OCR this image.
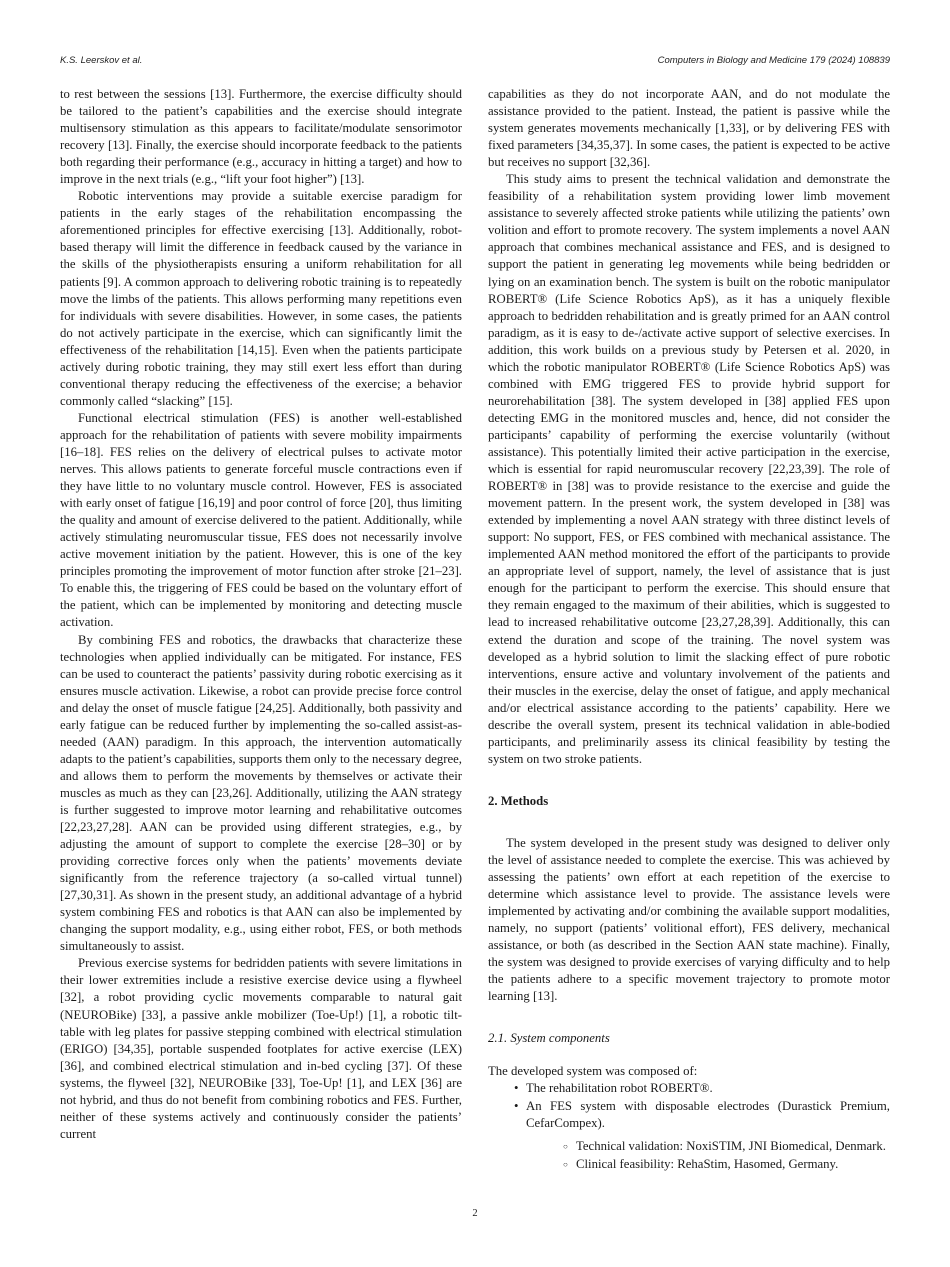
K.S. Leerskov et al.	Computers in Biology and Medicine 179 (2024) 108839

to rest between the sessions [13]. Furthermore, the exercise difficulty should be tailored to the patient’s capabilities and the exercise should integrate multisensory stimulation as this appears to facilitate/modulate sensorimotor recovery [13]. Finally, the exercise should incorporate feedback to the patients both regarding their performance (e.g., accuracy in hitting a target) and how to improve in the next trials (e.g., “lift your foot higher”) [13].

Robotic interventions may provide a suitable exercise paradigm for patients in the early stages of the rehabilitation encompassing the aforementioned principles for effective exercising [13]. Additionally, robot-based therapy will limit the difference in feedback caused by the variance in the skills of the physiotherapists ensuring a uniform rehabilitation for all patients [9]. A common approach to delivering robotic training is to repeatedly move the limbs of the patients. This allows performing many repetitions even for individuals with severe disabilities. However, in some cases, the patients do not actively participate in the exercise, which can significantly limit the effectiveness of the rehabilitation [14,15]. Even when the patients participate actively during robotic training, they may still exert less effort than during conventional therapy reducing the effectiveness of the exercise; a behavior commonly called “slacking” [15].

Functional electrical stimulation (FES) is another well-established approach for the rehabilitation of patients with severe mobility impairments [16–18]. FES relies on the delivery of electrical pulses to activate motor nerves. This allows patients to generate forceful muscle contractions even if they have little to no voluntary muscle control. However, FES is associated with early onset of fatigue [16,19] and poor control of force [20], thus limiting the quality and amount of exercise delivered to the patient. Additionally, while actively stimulating neuromuscular tissue, FES does not necessarily involve active movement initiation by the patient. However, this is one of the key principles promoting the improvement of motor function after stroke [21–23]. To enable this, the triggering of FES could be based on the voluntary effort of the patient, which can be implemented by monitoring and detecting muscle activation.

By combining FES and robotics, the drawbacks that characterize these technologies when applied individually can be mitigated. For instance, FES can be used to counteract the patients’ passivity during robotic exercising as it ensures muscle activation. Likewise, a robot can provide precise force control and delay the onset of muscle fatigue [24,25]. Additionally, both passivity and early fatigue can be reduced further by implementing the so-called assist-as-needed (AAN) paradigm. In this approach, the intervention automatically adapts to the patient’s capabilities, supports them only to the necessary degree, and allows them to perform the movements by themselves or activate their muscles as much as they can [23,26]. Additionally, utilizing the AAN strategy is further suggested to improve motor learning and rehabilitative outcomes [22,23,27,28]. AAN can be provided using different strategies, e.g., by adjusting the amount of support to complete the exercise [28–30] or by providing corrective forces only when the patients’ movements deviate significantly from the reference trajectory (a so-called virtual tunnel) [27,30,31]. As shown in the present study, an additional advantage of a hybrid system combining FES and robotics is that AAN can also be implemented by changing the support modality, e.g., using either robot, FES, or both methods simultaneously to assist.

Previous exercise systems for bedridden patients with severe limitations in their lower extremities include a resistive exercise device using a flywheel [32], a robot providing cyclic movements comparable to natural gait (NEUROBike) [33], a passive ankle mobilizer (Toe-Up!) [1], a robotic tilt-table with leg plates for passive stepping combined with electrical stimulation (ERIGO) [34,35], portable suspended footplates for active exercise (LEX) [36], and combined electrical stimulation and in-bed cycling [37]. Of these systems, the flyweel [32], NEUROBike [33], Toe-Up! [1], and LEX [36] are not hybrid, and thus do not benefit from combining robotics and FES. Further, neither of these systems actively and continuously consider the patients’ current

capabilities as they do not incorporate AAN, and do not modulate the assistance provided to the patient. Instead, the patient is passive while the system generates movements mechanically [1,33], or by delivering FES with fixed parameters [34,35,37]. In some cases, the patient is expected to be active but receives no support [32,36].

This study aims to present the technical validation and demonstrate the feasibility of a rehabilitation system providing lower limb movement assistance to severely affected stroke patients while utilizing the patients’ own volition and effort to promote recovery. The system implements a novel AAN approach that combines mechanical assistance and FES, and is designed to support the patient in generating leg movements while being bedridden or lying on an examination bench. The system is built on the robotic manipulator ROBERT® (Life Science Robotics ApS), as it has a uniquely flexible approach to bedridden rehabilitation and is greatly primed for an AAN control paradigm, as it is easy to de-/activate active support of selective exercises. In addition, this work builds on a previous study by Petersen et al. 2020, in which the robotic manipulator ROBERT® (Life Science Robotics ApS) was combined with EMG triggered FES to provide hybrid support for neurorehabilitation [38]. The system developed in [38] applied FES upon detecting EMG in the monitored muscles and, hence, did not consider the participants’ capability of performing the exercise voluntarily (without assistance). This potentially limited their active participation in the exercise, which is essential for rapid neuromuscular recovery [22,23,39]. The role of ROBERT® in [38] was to provide resistance to the exercise and guide the movement pattern. In the present work, the system developed in [38] was extended by implementing a novel AAN strategy with three distinct levels of support: No support, FES, or FES combined with mechanical assistance. The implemented AAN method monitored the effort of the participants to provide an appropriate level of support, namely, the level of assistance that is just enough for the participant to perform the exercise. This should ensure that they remain engaged to the maximum of their abilities, which is suggested to lead to increased rehabilitative outcome [23,27,28,39]. Additionally, this can extend the duration and scope of the training. The novel system was developed as a hybrid solution to limit the slacking effect of pure robotic interventions, ensure active and voluntary involvement of the patients and their muscles in the exercise, delay the onset of fatigue, and apply mechanical and/or electrical assistance according to the patients’ capability. Here we describe the overall system, present its technical validation in able-bodied participants, and preliminarily assess its clinical feasibility by testing the system on two stroke patients.

2. Methods

The system developed in the present study was designed to deliver only the level of assistance needed to complete the exercise. This was achieved by assessing the patients’ own effort at each repetition of the exercise to determine which assistance level to provide. The assistance levels were implemented by activating and/or combining the available support modalities, namely, no support (patients’ volitional effort), FES delivery, mechanical assistance, or both (as described in the Section AAN state machine). Finally, the system was designed to provide exercises of varying difficulty and to help the patients adhere to a specific movement trajectory to promote motor learning [13].

2.1. System components

The developed system was composed of:

• The rehabilitation robot ROBERT®.
• An FES system with disposable electrodes (Durastick Premium, CefarCompex).
○ Technical validation: NoxiSTIM, JNI Biomedical, Denmark.
○ Clinical feasibility: RehaStim, Hasomed, Germany.
2
